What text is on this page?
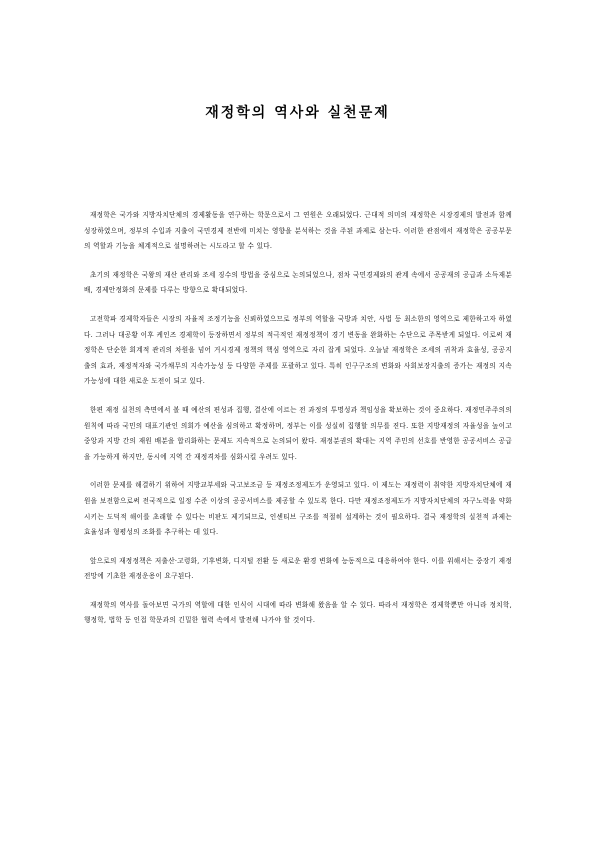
재정학의 역사와 실천문제

재정학은 국가와 지방자치단체의 경제활동을 연구하는 학문으로서 그 연원은 오래되었다. 근대적 의미의 재정학은 시장경제의 발전과 함께 성장하였으며, 정부의 수입과 지출이 국민경제 전반에 미치는 영향을 분석하는 것을 주된 과제로 삼는다. 이러한 관점에서 재정학은 공공부문의 역할과 기능을 체계적으로 설명하려는 시도라고 할 수 있다.

초기의 재정학은 국왕의 재산 관리와 조세 징수의 방법을 중심으로 논의되었으나, 점차 국민경제와의 관계 속에서 공공재의 공급과 소득재분배, 경제안정화의 문제를 다루는 방향으로 확대되었다.

고전학파 경제학자들은 시장의 자율적 조정기능을 신뢰하였으므로 정부의 역할을 국방과 치안, 사법 등 최소한의 영역으로 제한하고자 하였다. 그러나 대공황 이후 케인즈 경제학이 등장하면서 정부의 적극적인 재정정책이 경기 변동을 완화하는 수단으로 주목받게 되었다. 이로써 재정학은 단순한 회계적 관리의 차원을 넘어 거시경제 정책의 핵심 영역으로 자리 잡게 되었다. 오늘날 재정학은 조세의 귀착과 효율성, 공공지출의 효과, 재정적자와 국가채무의 지속가능성 등 다양한 주제를 포괄하고 있다. 특히 인구구조의 변화와 사회보장지출의 증가는 재정의 지속가능성에 대한 새로운 도전이 되고 있다.

한편 재정 실천의 측면에서 볼 때 예산의 편성과 집행, 결산에 이르는 전 과정의 투명성과 책임성을 확보하는 것이 중요하다. 재정민주주의의 원칙에 따라 국민의 대표기관인 의회가 예산을 심의하고 확정하며, 정부는 이를 성실히 집행할 의무를 진다. 또한 지방재정의 자율성을 높이고 중앙과 지방 간의 재원 배분을 합리화하는 문제도 지속적으로 논의되어 왔다. 재정분권의 확대는 지역 주민의 선호를 반영한 공공서비스 공급을 가능하게 하지만, 동시에 지역 간 재정격차를 심화시킬 우려도 있다.

이러한 문제를 해결하기 위하여 지방교부세와 국고보조금 등 재정조정제도가 운영되고 있다. 이 제도는 재정력이 취약한 지방자치단체에 재원을 보전함으로써 전국적으로 일정 수준 이상의 공공서비스를 제공할 수 있도록 한다. 다만 재정조정제도가 지방자치단체의 자구노력을 약화시키는 도덕적 해이를 초래할 수 있다는 비판도 제기되므로, 인센티브 구조를 적절히 설계하는 것이 필요하다. 결국 재정학의 실천적 과제는 효율성과 형평성의 조화를 추구하는 데 있다.

앞으로의 재정정책은 저출산·고령화, 기후변화, 디지털 전환 등 새로운 환경 변화에 능동적으로 대응하여야 한다. 이를 위해서는 중장기 재정전망에 기초한 재정운용이 요구된다.

재정학의 역사를 돌아보면 국가의 역할에 대한 인식이 시대에 따라 변화해 왔음을 알 수 있다. 따라서 재정학은 경제학뿐만 아니라 정치학, 행정학, 법학 등 인접 학문과의 긴밀한 협력 속에서 발전해 나가야 할 것이다.
